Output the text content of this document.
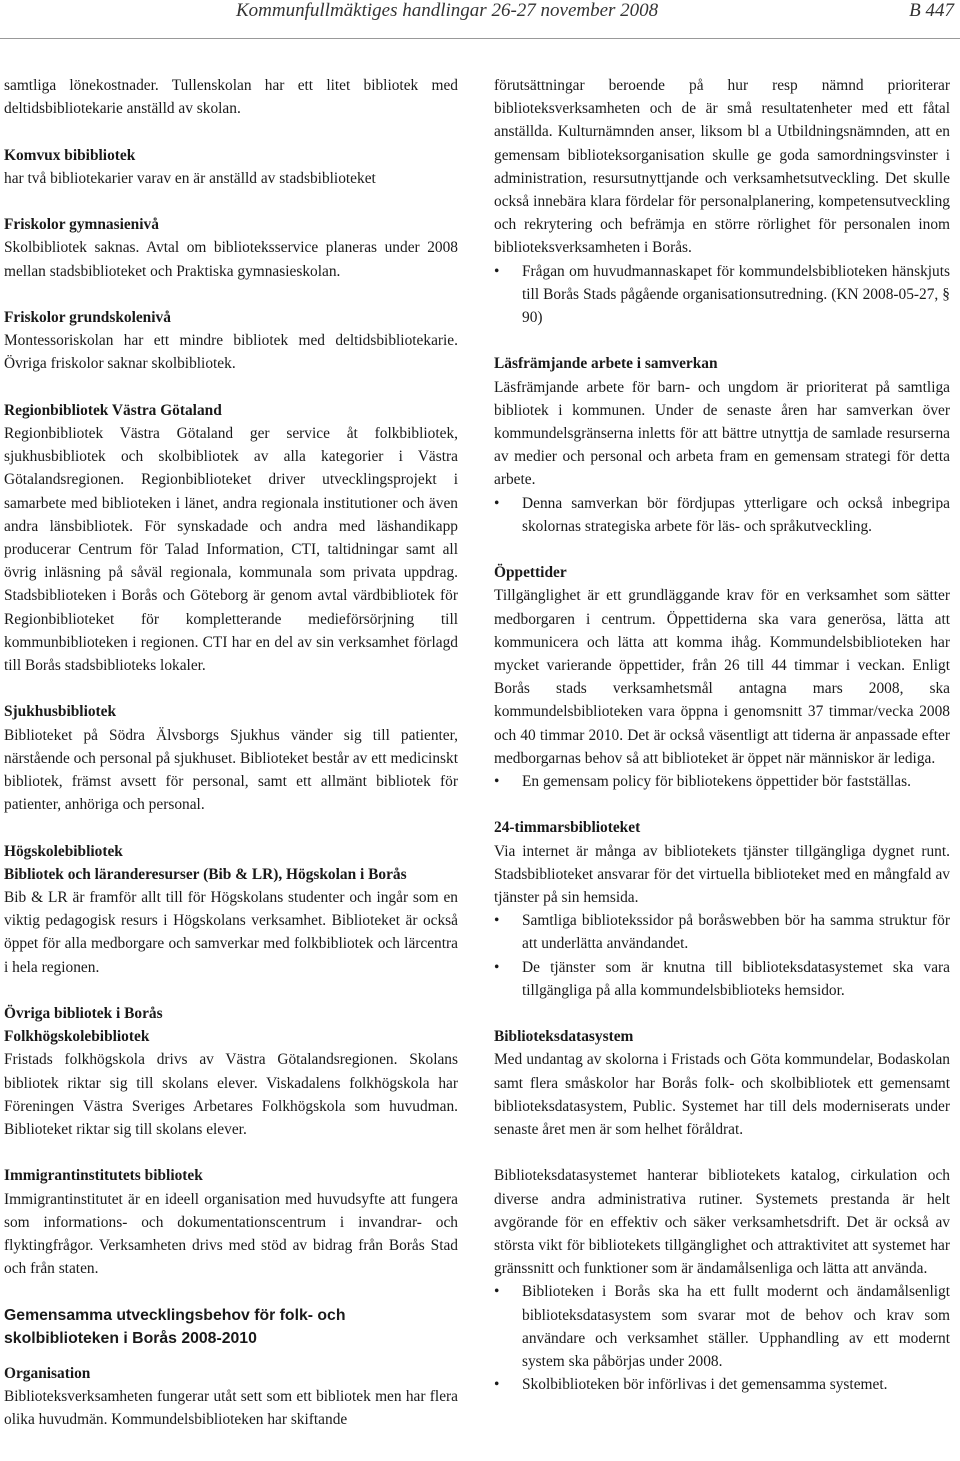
Kommunfullmäktiges handlingar 26-27 november 2008	B 447

samtliga lönekostnader. Tullenskolan har ett litet bibliotek med deltidsbibliotekarie anställd av skolan.

Komvux bibibliotek

har två bibliotekarier varav en är anställd av stadsbiblioteket

Friskolor gymnasienivå

Skolbibliotek saknas. Avtal om biblioteksservice planeras under 2008 mellan stadsbiblioteket och Praktiska gymnasieskolan.

Friskolor grundskolenivå

Montessoriskolan har ett mindre bibliotek med deltidsbibliotekarie. Övriga friskolor saknar skolbibliotek.

Regionbibliotek Västra Götaland

Regionbibliotek Västra Götaland ger service åt folkbibliotek, sjukhusbibliotek och skolbibliotek av alla kategorier i Västra Götalandsregionen. Regionbiblioteket driver utvecklingsprojekt i samarbete med biblioteken i länet, andra regionala institutioner och även andra länsbibliotek. För synskadade och andra med läshandikapp producerar Centrum för Talad Information, CTI, taltidningar samt all övrig inläsning på såväl regionala, kommunala som privata uppdrag. Stadsbiblioteken i Borås och Göteborg är genom avtal värdbibliotek för Regionbiblioteket för kompletterande medieförsörjning till kommunbiblioteken i regionen. CTI har en del av sin verksamhet förlagd till Borås stadsbiblioteks lokaler.

Sjukhusbibliotek

Biblioteket på Södra Älvsborgs Sjukhus vänder sig till patienter, närstående och personal på sjukhuset. Biblioteket består av ett medicinskt bibliotek, främst avsett för personal, samt ett allmänt bibliotek för patienter, anhöriga och personal.

Högskolebibliotek
Bibliotek och läranderesurser (Bib & LR), Högskolan i Borås

Bib & LR är framför allt till för Högskolans studenter och ingår som en viktig pedagogisk resurs i Högskolans verksamhet. Biblioteket är också öppet för alla medborgare och samverkar med folkbibliotek och lärcentra i hela regionen.

Övriga bibliotek i Borås
Folkhögskolebibliotek

Fristads folkhögskola drivs av Västra Götalandsregionen. Skolans bibliotek riktar sig till skolans elever. Viskadalens folkhögskola har Föreningen Västra Sveriges Arbetares Folkhögskola som huvudman. Biblioteket riktar sig till skolans elever.

Immigrantinstitutets bibliotek

Immigrantinstitutet är en ideell organisation med huvudsyfte att fungera som informations- och dokumentationscentrum i invandrar- och flyktingfrågor. Verksamheten drivs med stöd av bidrag från Borås Stad och från staten.

Gemensamma utvecklingsbehov för folk- och skolbiblioteken i Borås 2008-2010
Organisation

Biblioteksverksamheten fungerar utåt sett som ett bibliotek men har flera olika huvudmän. Kommundelsbiblioteken har skiftande

förutsättningar beroende på hur resp nämnd prioriterar biblioteksverksamheten och de är små resultatenheter med ett fåtal anställda. Kulturnämnden anser, liksom bl a Utbildningsnämnden, att en gemensam biblioteksorganisation skulle ge goda samordningsvinster i administration, resursutnyttjande och verksamhetsutveckling. Det skulle också innebära klara fördelar för personalplanering, kompetensutveckling och rekrytering och befrämja en större rörlighet för personalen inom biblioteksverksamheten i Borås.

• Frågan om huvudmannaskapet för kommundelsbiblioteken hänskjuts till Borås Stads pågående organisationsutredning. (KN 2008-05-27, § 90)
Läsfrämjande arbete i samverkan

Läsfrämjande arbete för barn- och ungdom är prioriterat på samtliga bibliotek i kommunen. Under de senaste åren har samverkan över kommundelsgränserna inletts för att bättre utnyttja de samlade resurserna av medier och personal och arbeta fram en gemensam strategi för detta arbete.

• Denna samverkan bör fördjupas ytterligare och också inbegripa skolornas strategiska arbete för läs- och språkutveckling.
Öppettider

Tillgänglighet är ett grundläggande krav för en verksamhet som sätter medborgaren i centrum. Öppettiderna ska vara generösa, lätta att kommunicera och lätta att komma ihåg. Kommundelsbiblioteken har mycket varierande öppettider, från 26 till 44 timmar i veckan. Enligt Borås stads verksamhetsmål antagna mars 2008, ska kommundelsbiblioteken vara öppna i genomsnitt 37 timmar/vecka 2008 och 40 timmar 2010. Det är också väsentligt att tiderna är anpassade efter medborgarnas behov så att biblioteket är öppet när människor är lediga.

• En gemensam policy för bibliotekens öppettider bör fastställas.
24-timmarsbiblioteket

Via internet är många av bibliotekets tjänster tillgängliga dygnet runt. Stadsbiblioteket ansvarar för det virtuella biblioteket med en mångfald av tjänster på sin hemsida.

• Samtliga bibliotekssidor på boråswebben bör ha samma struktur för att underlätta användandet.
• De tjänster som är knutna till biblioteksdatasystemet ska vara tillgängliga på alla kommundelsbiblioteks hemsidor.
Biblioteksdatasystem

Med undantag av skolorna i Fristads och Göta kommundelar, Bodaskolan samt flera småskolor har Borås folk- och skolbibliotek ett gemensamt biblioteksdatasystem, Public. Systemet har till dels moderniserats under senaste året men är som helhet föråldrat.

Biblioteksdatasystemet hanterar bibliotekets katalog, cirkulation och diverse andra administrativa rutiner. Systemets prestanda är helt avgörande för en effektiv och säker verksamhetsdrift. Det är också av största vikt för bibliotekets tillgänglighet och attraktivitet att systemet har gränssnitt och funktioner som är ändamålsenliga och lätta att använda.

• Biblioteken i Borås ska ha ett fullt modernt och ändamålsenligt biblioteksdatasystem som svarar mot de behov och krav som användare och verksamhet ställer. Upphandling av ett modernt system ska påbörjas under 2008.
• Skolbiblioteken bör införlivas i det gemensamma systemet.
